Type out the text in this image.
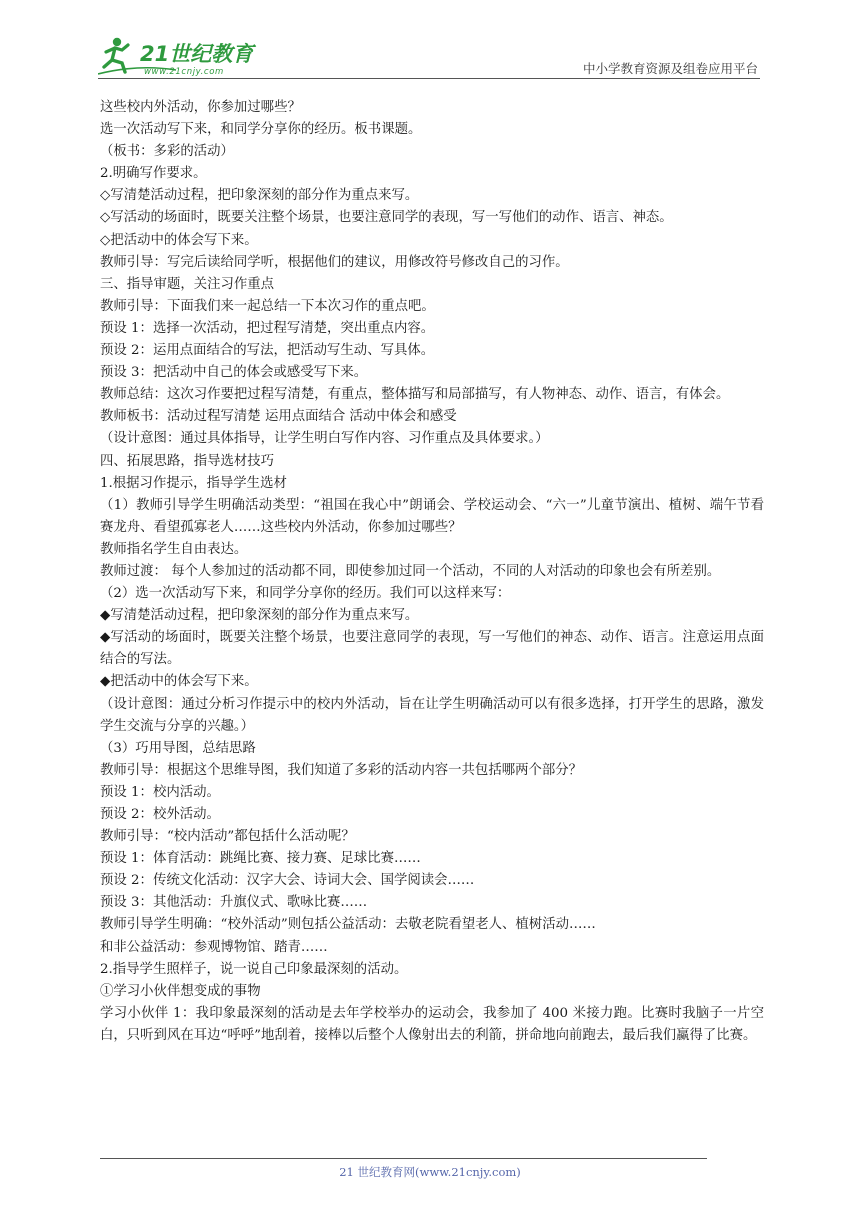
21世纪教育
www.21cnjy.com	中小学教育资源及组卷应用平台

这些校内外活动，你参加过哪些？

选一次活动写下来，和同学分享你的经历。板书课题。

（板书：多彩的活动）

2.明确写作要求。

◇写清楚活动过程，把印象深刻的部分作为重点来写。

◇写活动的场面时，既要关注整个场景，也要注意同学的表现，写一写他们的动作、语言、神态。

◇把活动中的体会写下来。

教师引导：写完后读给同学听，根据他们的建议，用修改符号修改自己的习作。

三、指导审题，关注习作重点

教师引导：下面我们来一起总结一下本次习作的重点吧。

预设 1：选择一次活动，把过程写清楚，突出重点内容。

预设 2：运用点面结合的写法，把活动写生动、写具体。

预设 3：把活动中自己的体会或感受写下来。

教师总结：这次习作要把过程写清楚，有重点，整体描写和局部描写，有人物神态、动作、语言，有体会。

教师板书：活动过程写清楚 运用点面结合 活动中体会和感受

（设计意图：通过具体指导，让学生明白写作内容、习作重点及具体要求。）

四、拓展思路，指导选材技巧

1.根据习作提示，指导学生选材

（1）教师引导学生明确活动类型：“祖国在我心中”朗诵会、学校运动会、“六一”儿童节演出、植树、端午节看赛龙舟、看望孤寡老人……这些校内外活动，你参加过哪些？

教师指名学生自由表达。

教师过渡： 每个人参加过的活动都不同，即使参加过同一个活动，不同的人对活动的印象也会有所差别。

（2）选一次活动写下来，和同学分享你的经历。我们可以这样来写：

◆写清楚活动过程，把印象深刻的部分作为重点来写。

◆写活动的场面时，既要关注整个场景，也要注意同学的表现，写一写他们的神态、动作、语言。注意运用点面结合的写法。

◆把活动中的体会写下来。

（设计意图：通过分析习作提示中的校内外活动，旨在让学生明确活动可以有很多选择，打开学生的思路，激发学生交流与分享的兴趣。）

（3）巧用导图，总结思路

教师引导：根据这个思维导图，我们知道了多彩的活动内容一共包括哪两个部分？

预设 1：校内活动。

预设 2：校外活动。

教师引导：“校内活动”都包括什么活动呢？

预设 1：体育活动：跳绳比赛、接力赛、足球比赛……

预设 2：传统文化活动：汉字大会、诗词大会、国学阅读会……

预设 3：其他活动：升旗仪式、歌咏比赛……

教师引导学生明确：“校外活动”则包括公益活动：去敬老院看望老人、植树活动……

和非公益活动：参观博物馆、踏青……

2.指导学生照样子，说一说自己印象最深刻的活动。

①学习小伙伴想变成的事物

学习小伙伴 1：我印象最深刻的活动是去年学校举办的运动会，我参加了 400 米接力跑。比赛时我脑子一片空白，只听到风在耳边“呼呼”地刮着，接棒以后整个人像射出去的利箭，拼命地向前跑去，最后我们赢得了比赛。

21 世纪教育网(www.21cnjy.com)
